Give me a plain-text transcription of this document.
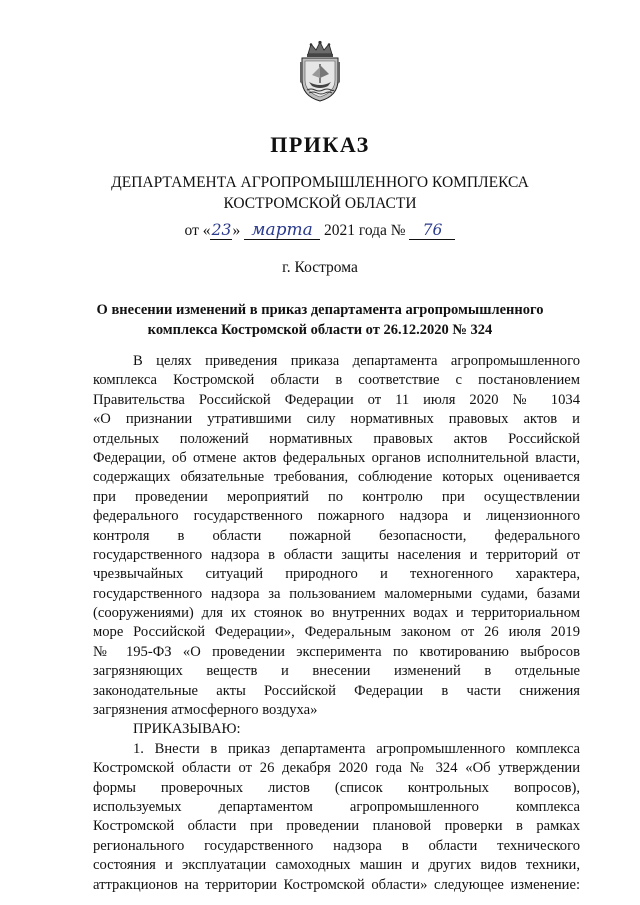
ПРИКАЗ
ДЕПАРТАМЕНТА АГРОПРОМЫШЛЕННОГО КОМПЛЕКСА
КОСТРОМСКОЙ ОБЛАСТИ
от «23» марта 2021 года № 76
г. Кострома
О внесении изменений в приказ департамента агропромышленного
комплекса Костромской области от 26.12.2020 № 324
В целях приведения приказа департамента агропромышленного
комплекса Костромской области в соответствие с постановлением
Правительства Российской Федерации от 11 июля 2020 № 1034
«О признании утратившими силу нормативных правовых актов и
отдельных положений нормативных правовых актов Российской
Федерации, об отмене актов федеральных органов исполнительной власти,
содержащих обязательные требования, соблюдение которых оценивается
при проведении мероприятий по контролю при осуществлении
федерального государственного пожарного надзора и лицензионного
контроля в области пожарной безопасности, федерального
государственного надзора в области защиты населения и территорий от
чрезвычайных ситуаций природного и техногенного характера,
государственного надзора за пользованием маломерными судами, базами
(сооружениями) для их стоянок во внутренних водах и территориальном
море Российской Федерации», Федеральным законом от 26 июля 2019
№ 195-ФЗ «О проведении эксперимента по квотированию выбросов
загрязняющих веществ и внесении изменений в отдельные
законодательные акты Российской Федерации в части снижения
загрязнения атмосферного воздуха»
ПРИКАЗЫВАЮ:
1. Внести в приказ департамента агропромышленного комплекса
Костромской области от 26 декабря 2020 года № 324 «Об утверждении
формы проверочных листов (список контрольных вопросов),
используемых департаментом агропромышленного комплекса
Костромской области при проведении плановой проверки в рамках
регионального государственного надзора в области технического
состояния и эксплуатации самоходных машин и других видов техники,
аттракционов на территории Костромской области» следующее изменение:
